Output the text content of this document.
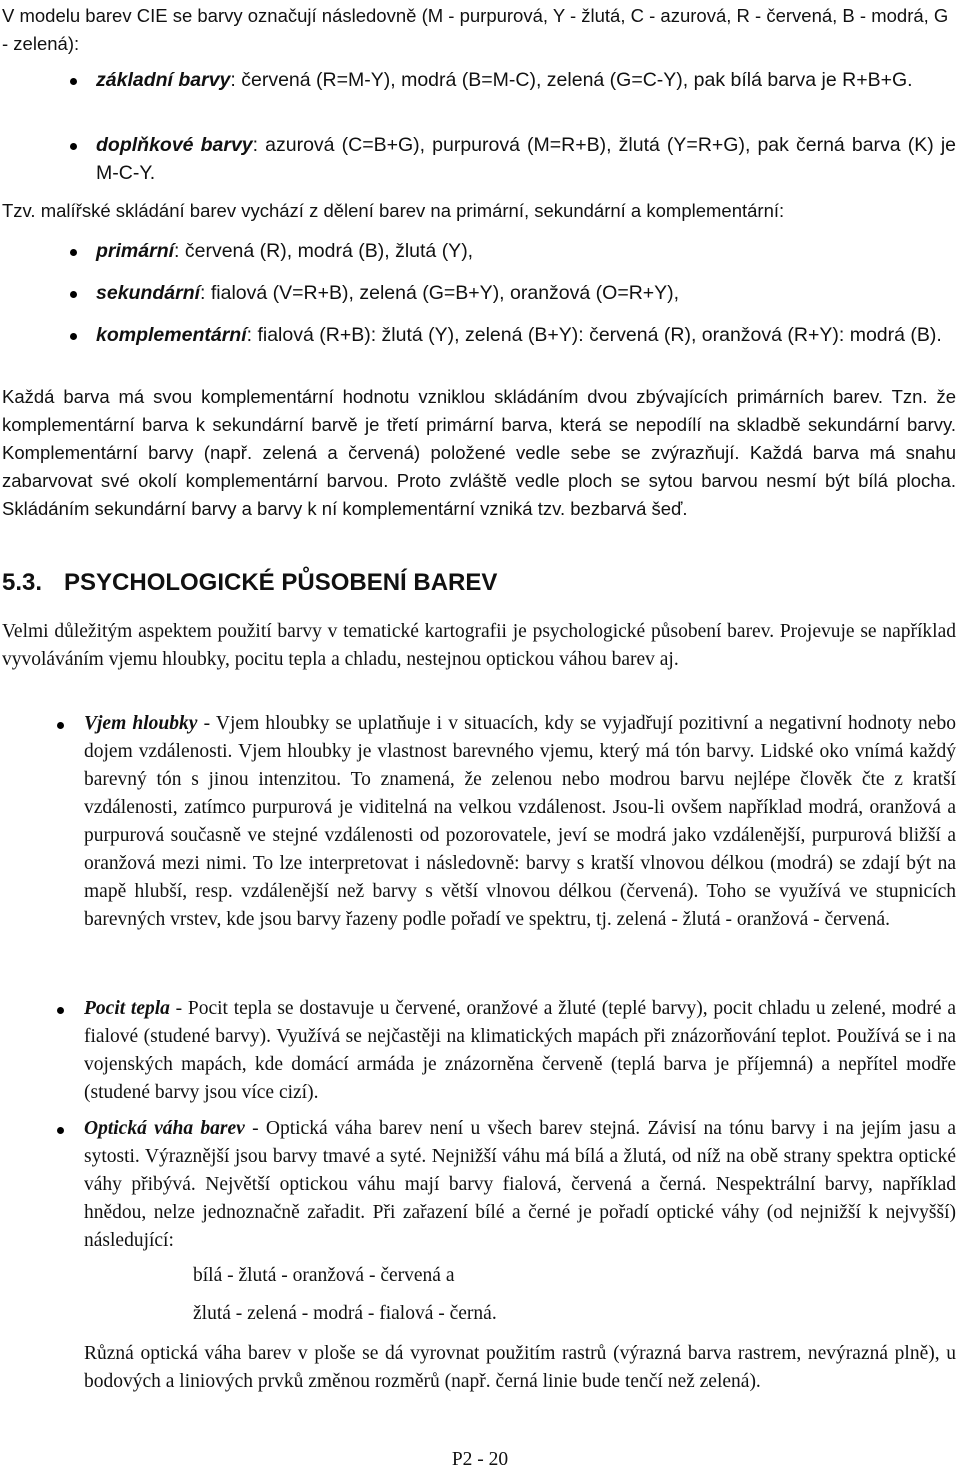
V modelu barev CIE se barvy označují následovně (M - purpurová, Y - žlutá, C - azurová, R - červená, B - modrá, G - zelená):

základní barvy: červená (R=M-Y), modrá (B=M-C), zelená (G=C-Y), pak bílá barva je R+B+G.

doplňkové barvy: azurová (C=B+G), purpurová (M=R+B), žlutá (Y=R+G), pak černá barva (K) je M-C-Y.

Tzv. malířské skládání barev vychází z dělení barev na primární, sekundární a komplementární:

primární: červená (R), modrá (B), žlutá (Y),

sekundární: fialová (V=R+B), zelená (G=B+Y), oranžová (O=R+Y),

komplementární: fialová (R+B): žlutá (Y), zelená (B+Y): červená (R), oranžová (R+Y): modrá (B).

Každá barva má svou komplementární hodnotu vzniklou skládáním dvou zbývajících primárních barev. Tzn. že komplementární barva k sekundární barvě je třetí primární barva, která se nepodílí na skladbě sekundární barvy. Komplementární barvy (např. zelená a červená) položené vedle sebe se zvýrazňují. Každá barva má snahu zabarvovat své okolí komplementární barvou. Proto zvláště vedle ploch se sytou barvou nesmí být bílá plocha. Skládáním sekundární barvy a barvy k ní komplementární vzniká tzv. bezbarvá šeď.

5.3. PSYCHOLOGICKÉ PŮSOBENÍ BAREV

Velmi důležitým aspektem použití barvy v tematické kartografii je psychologické působení barev. Projevuje se například vyvoláváním vjemu hloubky, pocitu tepla a chladu, nestejnou optickou váhou barev aj.

Vjem hloubky - Vjem hloubky se uplatňuje i v situacích, kdy se vyjadřují pozitivní a negativní hodnoty nebo dojem vzdálenosti. Vjem hloubky je vlastnost barevného vjemu, který má tón barvy. Lidské oko vnímá každý barevný tón s jinou intenzitou. To znamená, že zelenou nebo modrou barvu nejlépe člověk čte z kratší vzdálenosti, zatímco purpurová je viditelná na velkou vzdálenost. Jsou-li ovšem například modrá, oranžová a purpurová současně ve stejné vzdálenosti od pozorovatele, jeví se modrá jako vzdálenější, purpurová bližší a oranžová mezi nimi. To lze interpretovat i následovně: barvy s kratší vlnovou délkou (modrá) se zdají být na mapě hlubší, resp. vzdálenější než barvy s větší vlnovou délkou (červená). Toho se využívá ve stupnicích barevných vrstev, kde jsou barvy řazeny podle pořadí ve spektru, tj. zelená - žlutá - oranžová - červená.

Pocit tepla - Pocit tepla se dostavuje u červené, oranžové a žluté (teplé barvy), pocit chladu u zelené, modré a fialové (studené barvy). Využívá se nejčastěji na klimatických mapách při znázorňování teplot. Používá se i na vojenských mapách, kde domácí armáda je znázorněna červeně (teplá barva je příjemná) a nepřítel modře (studené barvy jsou více cizí).

Optická váha barev - Optická váha barev není u všech barev stejná. Závisí na tónu barvy i na jejím jasu a sytosti. Výraznější jsou barvy tmavé a syté. Nejnižší váhu má bílá a žlutá, od níž na obě strany spektra optické váhy přibývá. Největší optickou váhu mají barvy fialová, červená a černá. Nespektrální barvy, například hnědou, nelze jednoznačně zařadit. Při zařazení bílé a černé je pořadí optické váhy (od nejnižší k nejvyšší) následující:

bílá - žlutá - oranžová - červená a

žlutá - zelená - modrá - fialová - černá.

Různá optická váha barev v ploše se dá vyrovnat použitím rastrů (výrazná barva rastrem, nevýrazná plně), u bodových a liniových prvků změnou rozměrů (např. černá linie bude tenčí než zelená).

P2 - 20
